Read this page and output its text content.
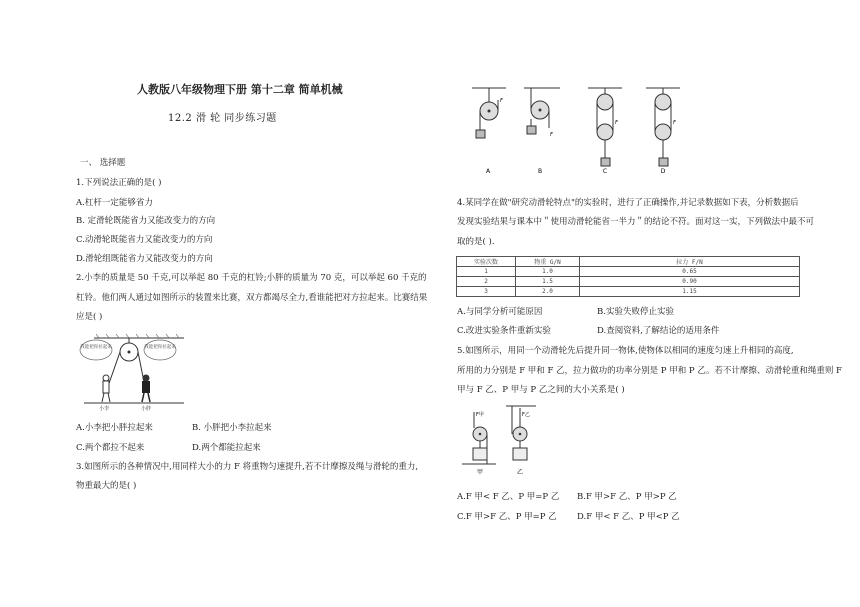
人教版八年级物理下册 第十二章 简单机械
12.2 滑 轮 同步练习题
一、 选择题
1.下列说法正确的是( )
A.杠杆一定能够省力
B. 定滑轮既能省力又能改变力的方向
C.动滑轮既能省力又能改变力的方向
D.滑轮组既能省力又能改变力的方向
2.小李的质量是 50 千克,可以举起 80 千克的杠铃;小胖的质量为 70 克，可以举起 60 千克的
杠铃。他们两人通过如图所示的装置来比赛，双方都竭尽全力,看谁能把对方拉起来。比赛结果
应是( )
我能把你拉起来	我能把你拉起来
小李	小胖
A.小李把小胖拉起来	B. 小胖把小李拉起来
C.两个都拉不起来	D.两个都能拉起来
3.如图所示的各种情况中,用同样大小的力 F 将重物匀速提升,若不计摩擦及绳与滑轮的重力,
物重最大的是( )
F
A
F
B
F
C
F
D
4.某同学在做"研究动滑轮特点"的实验时，进行了正确操作,并记录数据如下表，分析数据后
发现实验结果与课本中＂使用动滑轮能省一半力＂的结论不符。面对这一实，下列做法中最不可
取的是( ).
实验次数	物重 G/N	拉力 F/N
1	1.0	0.65
2	1.5	0.90
3	2.0	1.15
A.与同学分析可能原因	B.实验失败停止实验
C.改进实验条件重新实验	D.查阅资料,了解结论的适用条件
5.如图所示，用同一个动滑轮先后提升同一物体,使物体以相同的速度匀速上升相同的高度,
所用的力分别是 F 甲和 F 乙，拉力做功的功率分别是 P 甲和 P 乙。若不计摩擦、动滑轮重和绳重则 F
甲与 F 乙、P 甲与 P 乙之间的大小关系是( )
F甲
甲
F乙
乙
A.F 甲< F 乙、P 甲=P 乙 B.F 甲>F 乙、P 甲>P 乙
C.F 甲>F 乙、P 甲=P 乙 D.F 甲< F 乙、P 甲<P 乙
